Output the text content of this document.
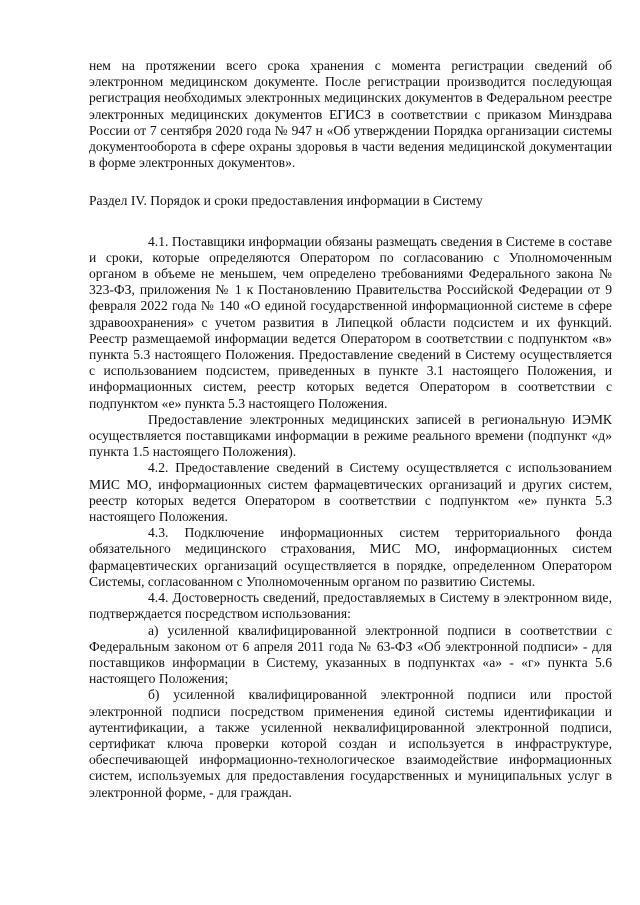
нем на протяжении всего срока хранения с момента регистрации сведений об электронном медицинском документе. После регистрации производится последующая регистрация необходимых электронных медицинских документов в Федеральном реестре электронных медицинских документов ЕГИСЗ в соответствии с приказом Минздрава России от 7 сентября 2020 года № 947 н «Об утверждении Порядка организации системы документооборота в сфере охраны здоровья в части ведения медицинской документации в форме электронных документов».

Раздел IV. Порядок и сроки предоставления информации в Систему

4.1. Поставщики информации обязаны размещать сведения в Системе в составе и сроки, которые определяются Оператором по согласованию с Уполномоченным органом в объеме не меньшем, чем определено требованиями Федерального закона № 323-ФЗ, приложения № 1 к Постановлению Правительства Российской Федерации от 9 февраля 2022 года № 140 «О единой государственной информационной системе в сфере здравоохранения» с учетом развития в Липецкой области подсистем и их функций. Реестр размещаемой информации ведется Оператором в соответствии с подпунктом «в» пункта 5.3 настоящего Положения. Предоставление сведений в Систему осуществляется с использованием подсистем, приведенных в пункте 3.1 настоящего Положения, и информационных систем, реестр которых ведется Оператором в соответствии с подпунктом «е» пункта 5.3 настоящего Положения.

Предоставление электронных медицинских записей в региональную ИЭМК осуществляется поставщиками информации в режиме реального времени (подпункт «д» пункта 1.5 настоящего Положения).

4.2. Предоставление сведений в Систему осуществляется с использованием МИС МО, информационных систем фармацевтических организаций и других систем, реестр которых ведется Оператором в соответствии с подпунктом «е» пункта 5.3 настоящего Положения.

4.3. Подключение информационных систем территориального фонда обязательного медицинского страхования, МИС МО, информационных систем фармацевтических организаций осуществляется в порядке, определенном Оператором Системы, согласованном с Уполномоченным органом по развитию Системы.

4.4. Достоверность сведений, предоставляемых в Систему в электронном виде, подтверждается посредством использования:

а) усиленной квалифицированной электронной подписи в соответствии с Федеральным законом от 6 апреля 2011 года № 63-ФЗ «Об электронной подписи» - для поставщиков информации в Систему, указанных в подпунктах «а» - «г» пункта 5.6 настоящего Положения;

б) усиленной квалифицированной электронной подписи или простой электронной подписи посредством применения единой системы идентификации и аутентификации, а также усиленной неквалифицированной электронной подписи, сертификат ключа проверки которой создан и используется в инфраструктуре, обеспечивающей информационно-технологическое взаимодействие информационных систем, используемых для предоставления государственных и муниципальных услуг в электронной форме, - для граждан.
